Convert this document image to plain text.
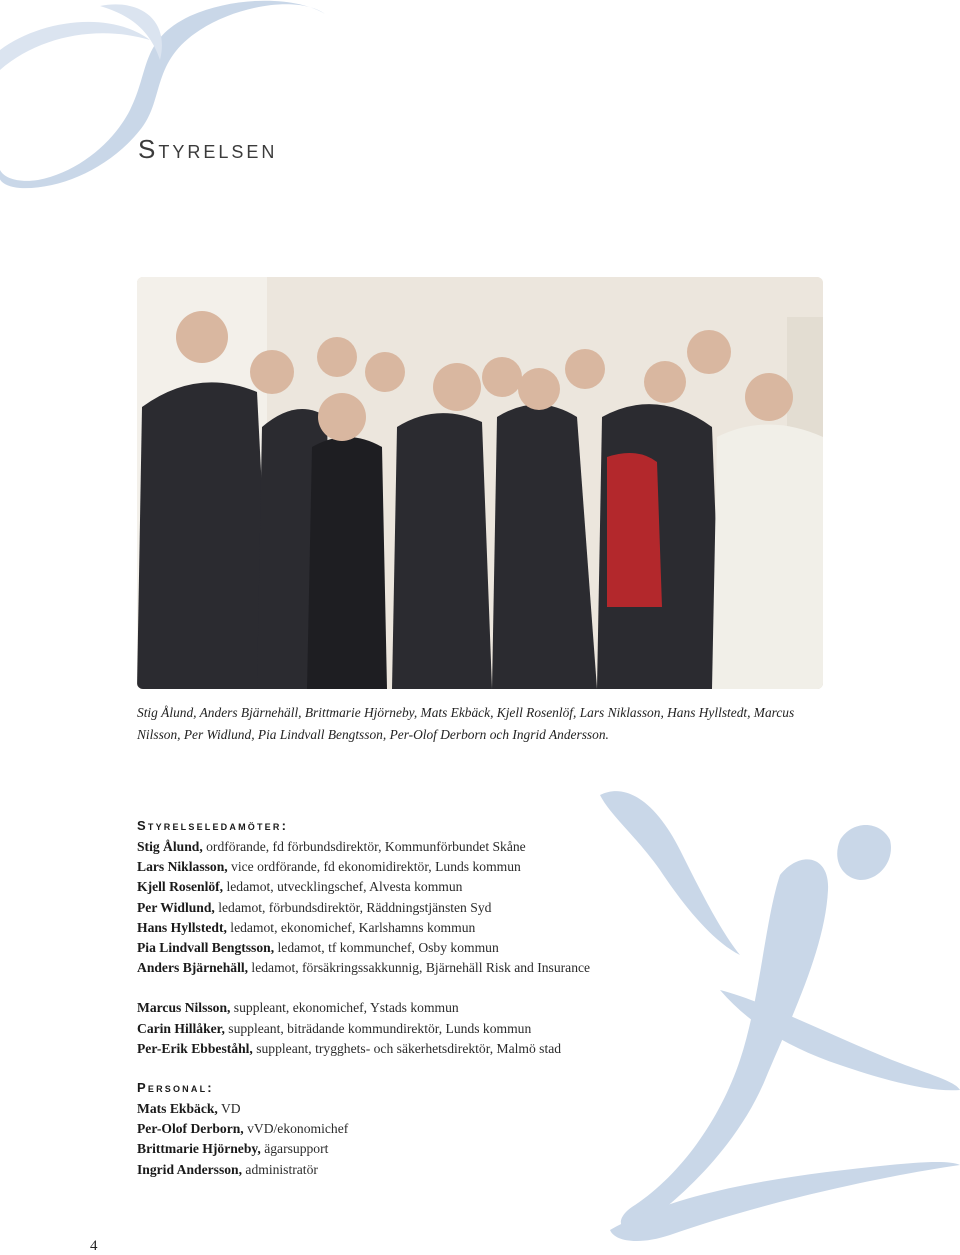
Styrelsen
Stig Ålund, Anders Bjärnehäll, Brittmarie Hjörneby, Mats Ekbäck, Kjell Rosenlöf, Lars Niklasson, Hans Hyllstedt, Marcus Nilsson, Per Widlund, Pia Lindvall Bengtsson, Per-Olof Derborn och Ingrid Andersson.
Styrelseledamöter:
Stig Ålund, ordförande, fd förbundsdirektör, Kommunförbundet Skåne
Lars Niklasson, vice ordförande, fd ekonomidirektör, Lunds kommun
Kjell Rosenlöf, ledamot, utvecklingschef, Alvesta kommun
Per Widlund, ledamot, förbundsdirektör, Räddningstjänsten Syd
Hans Hyllstedt, ledamot, ekonomichef, Karlshamns kommun
Pia Lindvall Bengtsson, ledamot, tf kommunchef, Osby kommun
Anders Bjärnehäll, ledamot, försäkringssakkunnig, Bjärnehäll Risk and Insurance
Marcus Nilsson, suppleant, ekonomichef, Ystads kommun
Carin Hillåker, suppleant, biträdande kommundirektör, Lunds kommun
Per-Erik Ebbeståhl, suppleant, trygghets- och säkerhetsdirektör, Malmö stad
Personal:
Mats Ekbäck, VD
Per-Olof Derborn, vVD/ekonomichef
Brittmarie Hjörneby, ägarsupport
Ingrid Andersson, administratör
4
